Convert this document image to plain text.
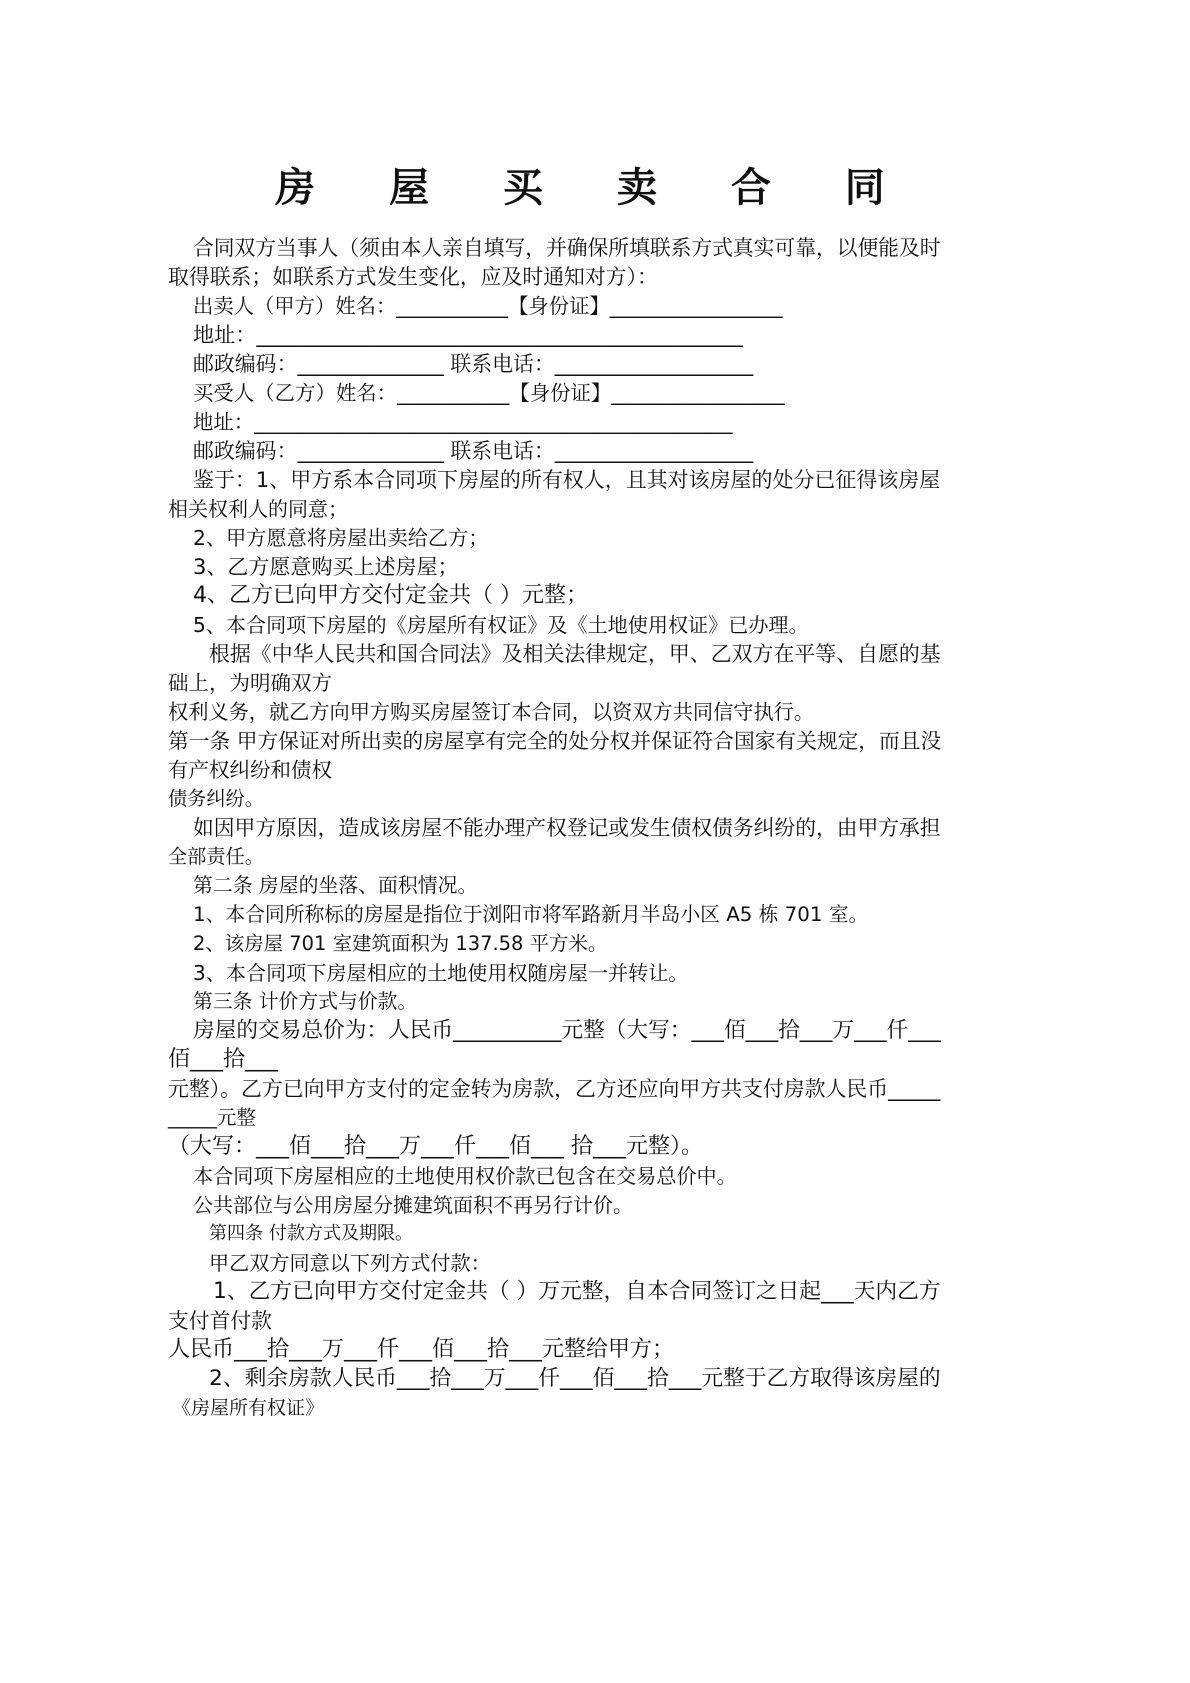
房 屋 买 卖 合 同
合同双方当事人（须由本人亲自填写，并确保所填联系方式真实可靠，以便能及时
取得联系；如联系方式发生变化，应及时通知对方）：
出卖人（甲方）姓名：___________【身份证】_________________
地址：______________________________________________
邮政编码：______________ 联系电话：___________________
买受人（乙方）姓名：___________【身份证】_________________
地址：_______________________________________________
邮政编码：______________ 联系电话：___________________
鉴于：1、甲方系本合同项下房屋的所有权人，且其对该房屋的处分已征得该房屋
相关权利人的同意；
2、甲方愿意将房屋出卖给乙方；
3、乙方愿意购买上述房屋；
4、乙方已向甲方交付定金共（ ）元整；
5、本合同项下房屋的《房屋所有权证》及《土地使用权证》已办理。
根据《中华人民共和国合同法》及相关法律规定，甲、乙双方在平等、自愿的基
础上，为明确双方
权利义务，就乙方向甲方购买房屋签订本合同，以资双方共同信守执行。
第一条 甲方保证对所出卖的房屋享有完全的处分权并保证符合国家有关规定，而且没
有产权纠纷和债权
债务纠纷。
如因甲方原因，造成该房屋不能办理产权登记或发生债权债务纠纷的，由甲方承担
全部责任。
第二条 房屋的坐落、面积情况。
1、本合同所称标的房屋是指位于浏阳市将军路新月半岛小区 A5 栋 701 室。
2、该房屋 701 室建筑面积为 137.58 平方米。
3、本合同项下房屋相应的土地使用权随房屋一并转让。
第三条 计价方式与价款。
房屋的交易总价为：人民币__________元整（大写：___佰___拾___万___仟___
佰___拾___
元整）。乙方已向甲方支付的定金转为房款，乙方还应向甲方共支付房款人民币_____
_____元整
（大写：___佰___拾___万___仟___佰___ 拾___元整）。
本合同项下房屋相应的土地使用权价款已包含在交易总价中。
公共部位与公用房屋分摊建筑面积不再另行计价。
第四条 付款方式及期限。
甲乙双方同意以下列方式付款：
1、乙方已向甲方交付定金共（ ）万元整，自本合同签订之日起___天内乙方
支付首付款
人民币___拾___万___仟___佰___拾___元整给甲方；
2、剩余房款人民币___拾___万___仟___佰___拾___元整于乙方取得该房屋的
《房屋所有权证》
